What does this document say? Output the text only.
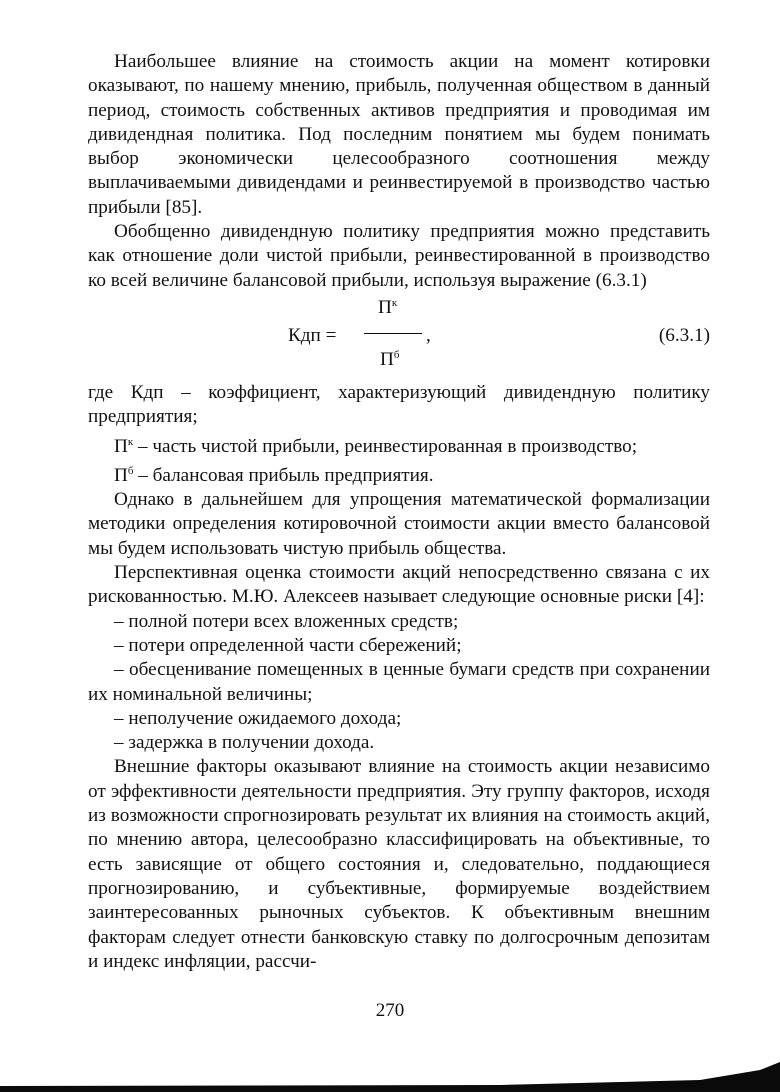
Наибольшее влияние на стоимость акции на момент котировки оказывают, по нашему мнению, прибыль, полученная обществом в данный период, стоимость собственных активов предприятия и проводимая им дивидендная политика. Под последним понятием мы будем понимать выбор экономически целесообразного соотношения между выплачиваемыми дивидендами и реинвестируемой в производство частью прибыли [85].

Обобщенно дивидендную политику предприятия можно представить как отношение доли чистой прибыли, реинвестированной в производство ко всей величине балансовой прибыли, используя выражение (6.3.1)

Кдп =
$П^к$
,
$П^б$
(6.3.1)

где Кдп – коэффициент, характеризующий дивидендную политику предприятия;

$П^к$ – часть чистой прибыли, реинвестированная в производство;

$П^б$ – балансовая прибыль предприятия.

Однако в дальнейшем для упрощения математической формализации методики определения котировочной стоимости акции вместо балансовой мы будем использовать чистую прибыль общества.

Перспективная оценка стоимости акций непосредственно связана с их рискованностью. М.Ю. Алексеев называет следующие основные риски [4]:

– полной потери всех вложенных средств;

– потери определенной части сбережений;

– обесценивание помещенных в ценные бумаги средств при сохранении их номинальной величины;

– неполучение ожидаемого дохода;

– задержка в получении дохода.

Внешние факторы оказывают влияние на стоимость акции независимо от эффективности деятельности предприятия. Эту группу факторов, исходя из возможности спрогнозировать результат их влияния на стоимость акций, по мнению автора, целесообразно классифицировать на объективные, то есть зависящие от общего состояния и, следовательно, поддающиеся прогнозированию, и субъективные, формируемые воздействием заинтересованных рыночных субъектов. К объективным внешним факторам следует отнести банковскую ставку по долгосрочным депозитам и индекс инфляции, рассчи-

270
